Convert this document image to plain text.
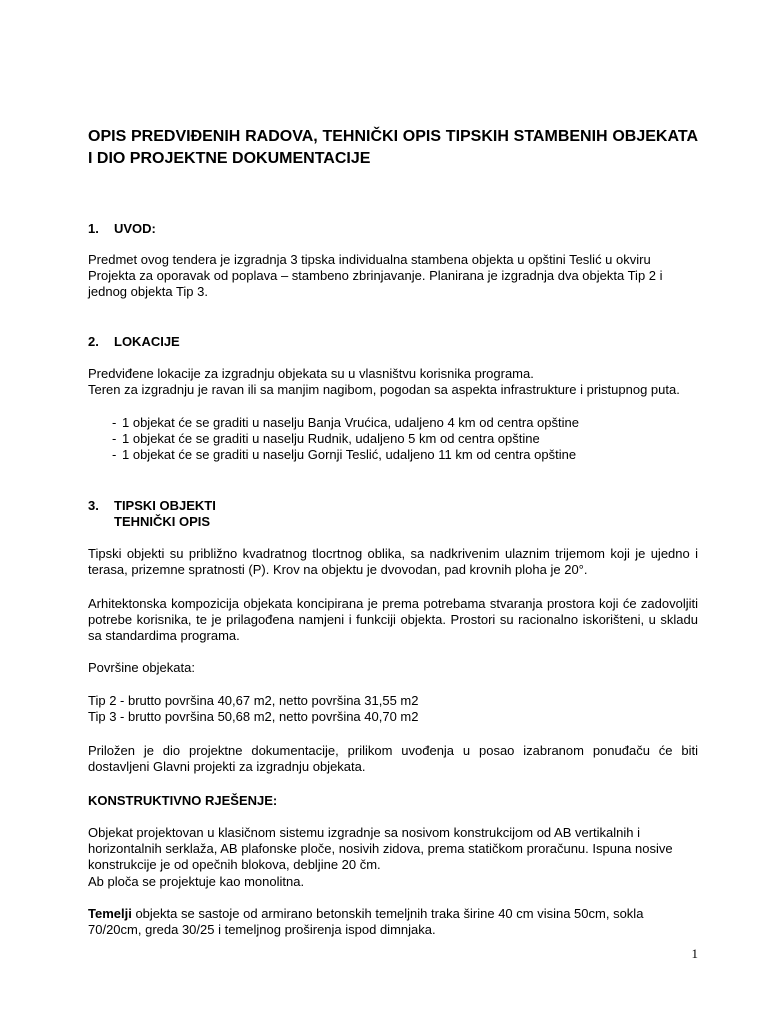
OPIS PREDVIĐENIH RADOVA, TEHNIČKI OPIS TIPSKIH STAMBENIH OBJEKATA I DIO PROJEKTNE DOKUMENTACIJE
1. UVOD:

Predmet ovog tendera je izgradnja 3 tipska individualna stambena objekta u opštini Teslić u okviru Projekta za oporavak od poplava – stambeno zbrinjavanje. Planirana je izgradnja dva objekta Tip 2 i jednog objekta Tip 3.

2. LOKACIJE

Predviđene lokacije za izgradnju objekata su u vlasništvu korisnika programa.

Teren za izgradnju je ravan ili sa manjim nagibom, pogodan sa aspekta infrastrukture i pristupnog puta.

- 1 objekat će se graditi u naselju Banja Vrućica, udaljeno 4 km od centra opštine
- 1 objekat će se graditi u naselju Rudnik, udaljeno 5 km od centra opštine
- 1 objekat će se graditi u naselju Gornji Teslić, udaljeno 11 km od centra opštine
3. TIPSKI OBJEKTI
TEHNIČKI OPIS

Tipski objekti su približno kvadratnog tlocrtnog oblika, sa nadkrivenim ulaznim trijemom koji je ujedno i terasa, prizemne spratnosti (P). Krov na objektu je dvovodan, pad krovnih ploha je 20°.

Arhitektonska kompozicija objekata koncipirana je prema potrebama stvaranja prostora koji će zadovoljiti potrebe korisnika, te je prilagođena namjeni i funkciji objekta. Prostori su racionalno iskorišteni, u skladu sa standardima programa.

Površine objekata:

Tip 2 - brutto površina 40,67 m2, netto površina 31,55 m2

Tip 3 - brutto površina 50,68 m2, netto površina 40,70 m2

Priložen je dio projektne dokumentacije, prilikom uvođenja u posao izabranom ponuđaču će biti dostavljeni Glavni projekti za izgradnju objekata.

KONSTRUKTIVNO RJEŠENJE:

Objekat projektovan u klasičnom sistemu izgradnje sa nosivom konstrukcijom od AB vertikalnih i horizontalnih serklaža, AB plafonske ploče, nosivih zidova, prema statičkom proračunu. Ispuna nosive konstrukcije je od opečnih blokova, debljine 20 čm.

Ab ploča se projektuje kao monolitna.

Temelji objekta se sastoje od armirano betonskih temeljnih traka širine 40 cm visina 50cm, sokla 70/20cm, greda 30/25 i temeljnog proširenja ispod dimnjaka.

1
